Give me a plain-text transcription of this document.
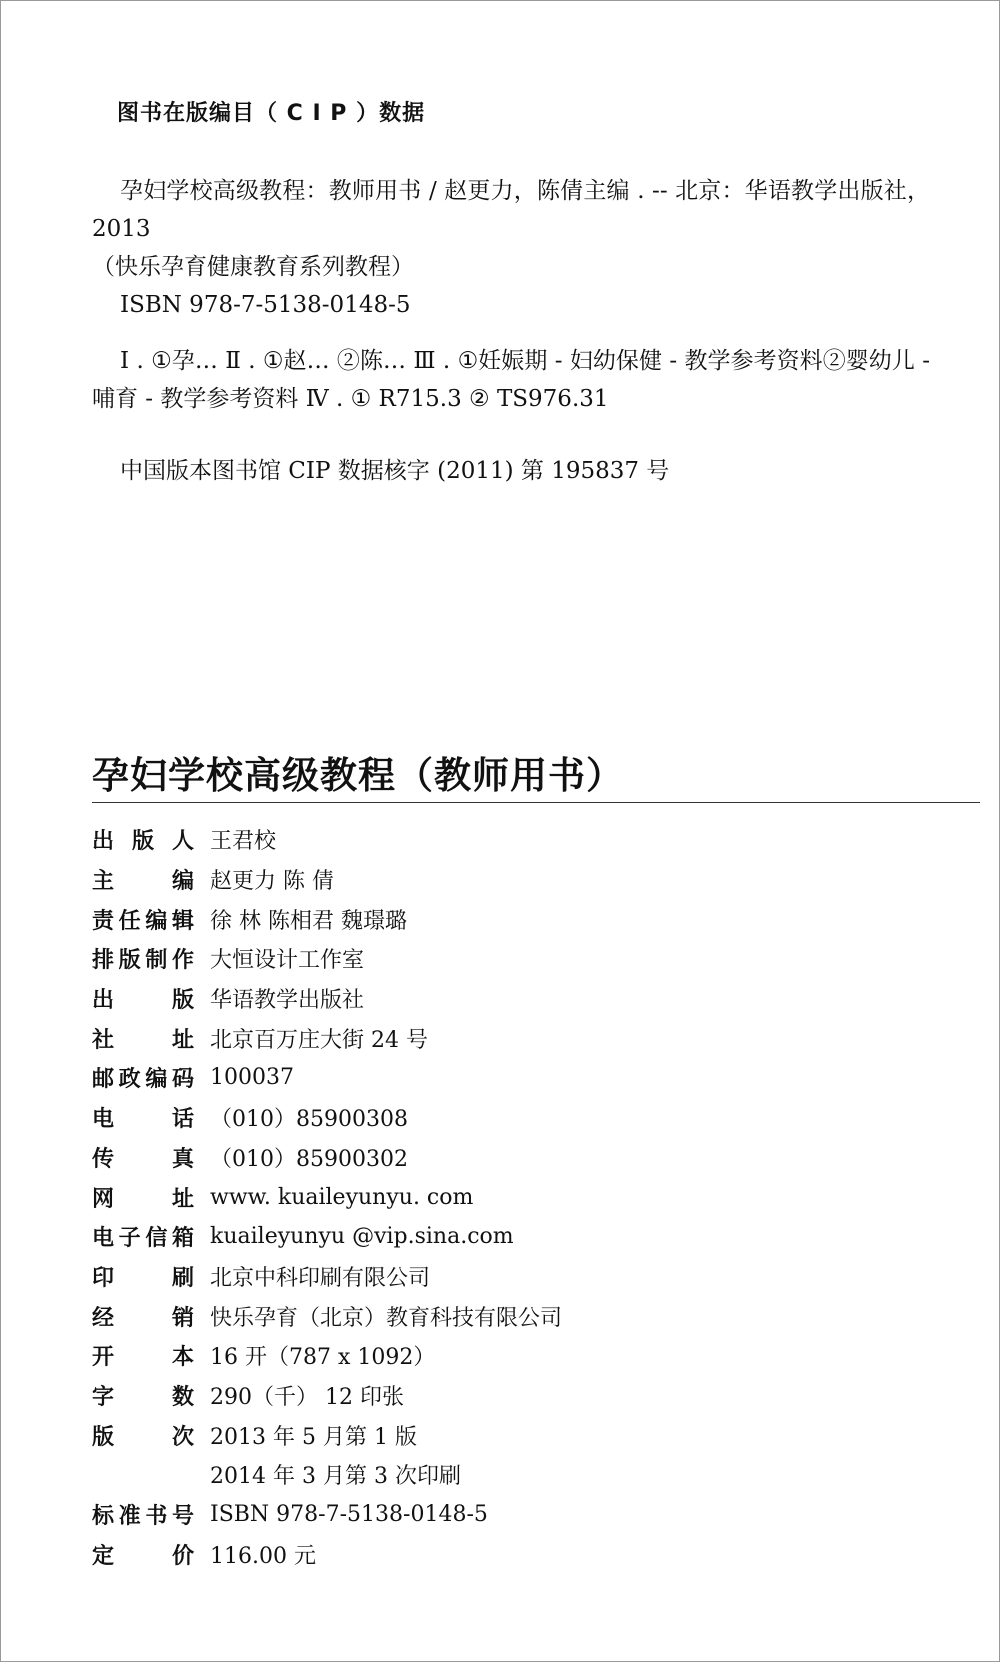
图书在版编目（ C I P ）数据

孕妇学校高级教程：教师用书 / 赵更力，陈倩主编 . -- 北京：华语教学出版社，2013

（快乐孕育健康教育系列教程）

ISBN 978-7-5138-0148-5

Ⅰ . ①孕… Ⅱ . ①赵… ②陈… Ⅲ . ①妊娠期 - 妇幼保健 - 教学参考资料②婴幼儿 - 哺育 - 教学参考资料 Ⅳ . ① R715.3 ② TS976.31

中国版本图书馆 CIP 数据核字 (2011) 第 195837 号

孕妇学校高级教程（教师用书）
出版人 王君校
主编 赵更力 陈 倩
责任编辑 徐 林 陈相君 魏璟璐
排版制作 大恒设计工作室
出版 华语教学出版社
社址 北京百万庄大街 24 号
邮政编码 100037
电话 （010）85900308
传真 （010）85900302
网址 www. kuaileyunyu. com
电子信箱 kuaileyunyu @vip.sina.com
印刷 北京中科印刷有限公司
经销 快乐孕育（北京）教育科技有限公司
开本 16 开（787 x 1092）
字数 290（千） 12 印张
版次 2013 年 5 月第 1 版
2014 年 3 月第 3 次印刷
标准书号 ISBN 978-7-5138-0148-5
定价 116.00 元
